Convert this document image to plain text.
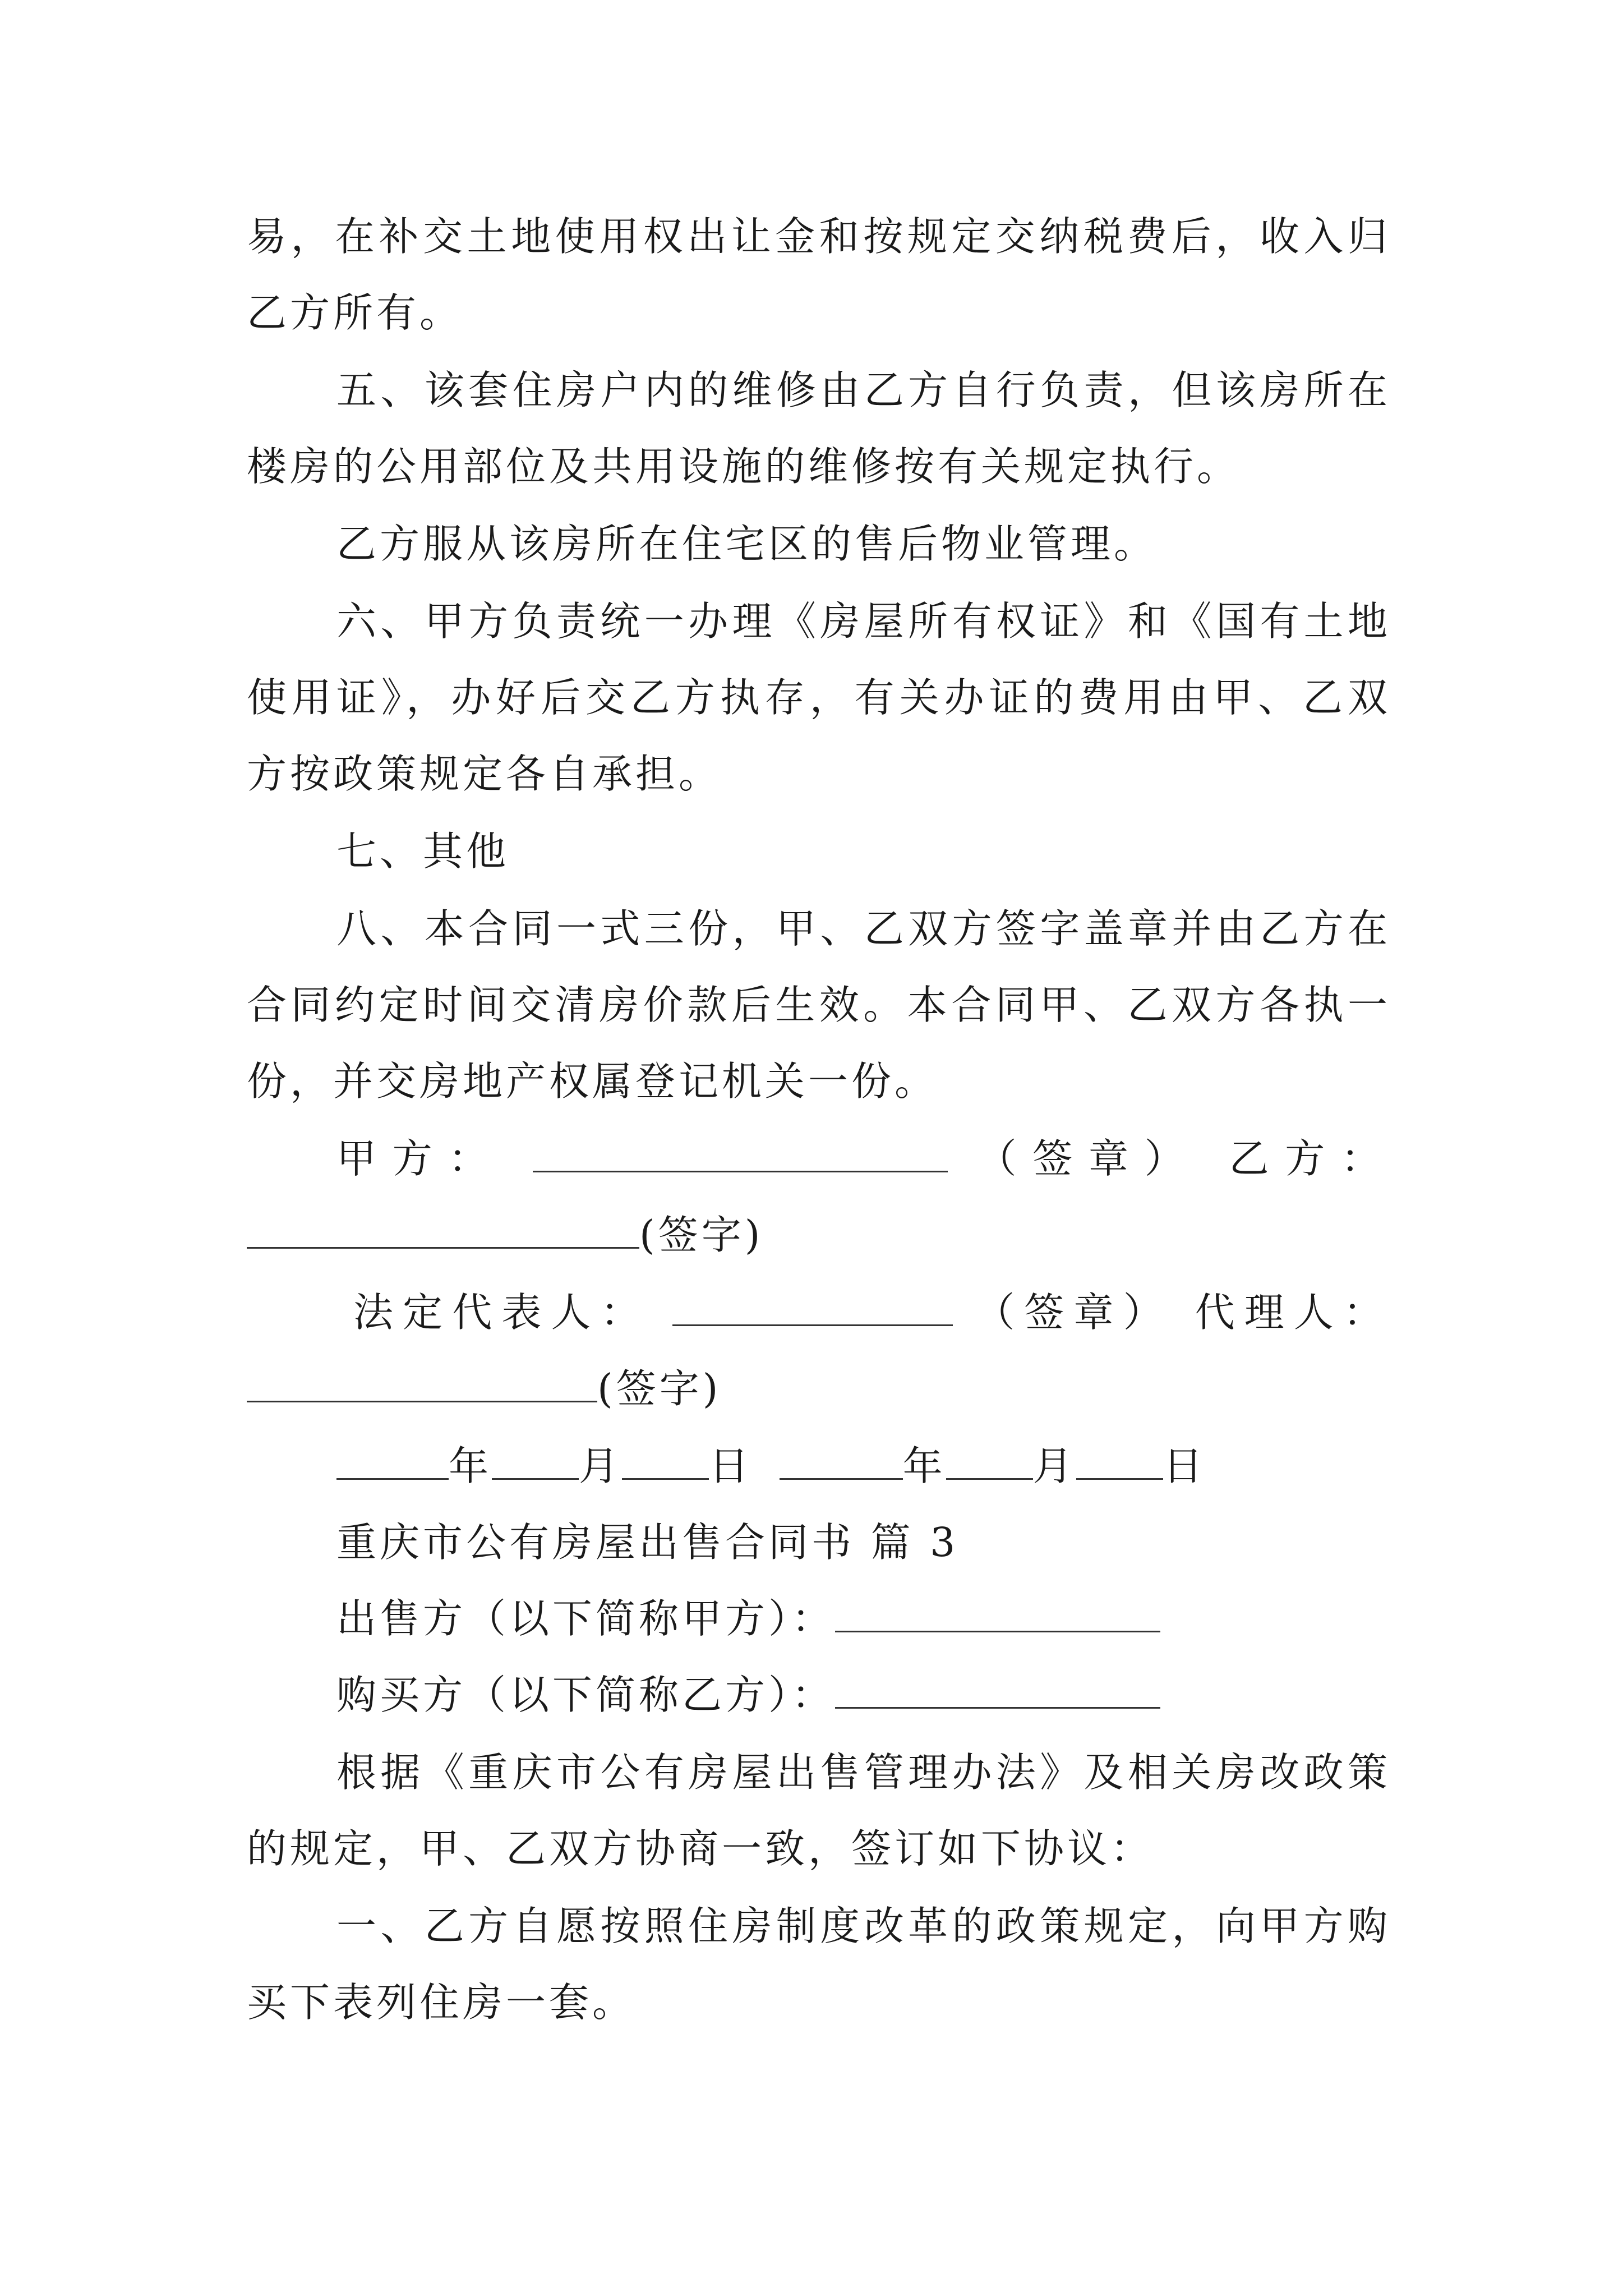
易，在补交土地使用权出让金和按规定交纳税费后，收入归
乙方所有。
五、该套住房户内的维修由乙方自行负责，但该房所在
楼房的公用部位及共用设施的维修按有关规定执行。
乙方服从该房所在住宅区的售后物业管理。
六、甲方负责统一办理《房屋所有权证》和《国有土地
使用证》，办好后交乙方执存，有关办证的费用由甲、乙双
方按政策规定各自承担。
七、其他
八、本合同一式三份，甲、乙双方签字盖章并由乙方在
合同约定时间交清房价款后生效。本合同甲、乙双方各执一
份，并交房地产权属登记机关一份。
甲方：	（签章） 乙方：
(签字)
法定代表人：	（签章） 代理人：
(签字)
年 月 日	年 月 日
重庆市公有房屋出售合同书 篇 3
出售方（以下简称甲方）：
购买方（以下简称乙方）：
根据《重庆市公有房屋出售管理办法》及相关房改政策
的规定，甲、乙双方协商一致，签订如下协议：
一、乙方自愿按照住房制度改革的政策规定，向甲方购
买下表列住房一套。
